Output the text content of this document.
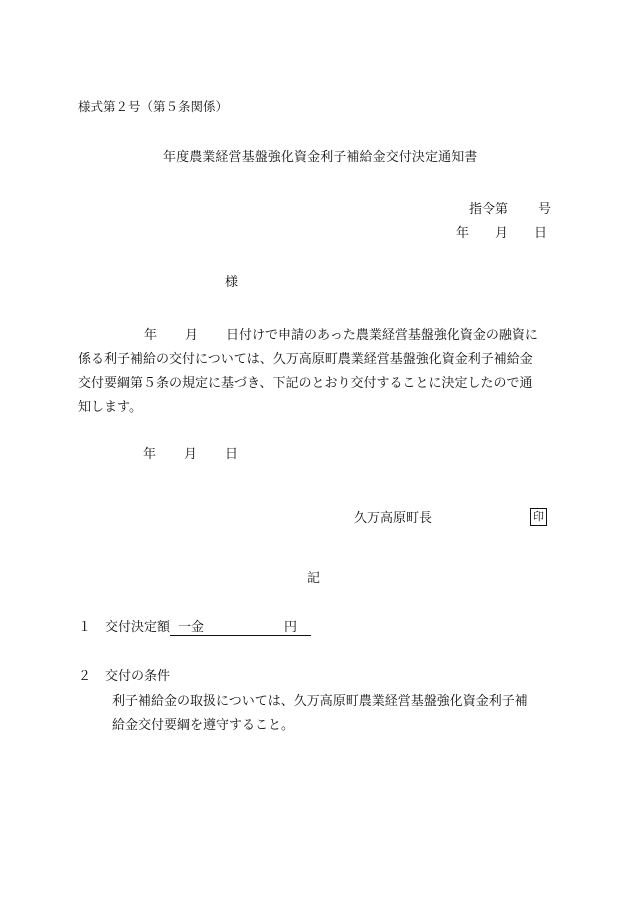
様式第２号（第５条関係）
年度農業経営基盤強化資金利子補給金交付決定通知書
指令第 号
年 月 日
様
年 月 日付けで申請のあった農業経営基盤強化資金の融資に
係る利子補給の交付については、久万高原町農業経営基盤強化資金利子補給金
交付要綱第５条の規定に基づき、下記のとおり交付することに決定したので通
知します。
年 月 日
久万高原町長	印
記
１ 交付決定額 一金	円
２ 交付の条件
利子補給金の取扱については、久万高原町農業経営基盤強化資金利子補
給金交付要綱を遵守すること。
